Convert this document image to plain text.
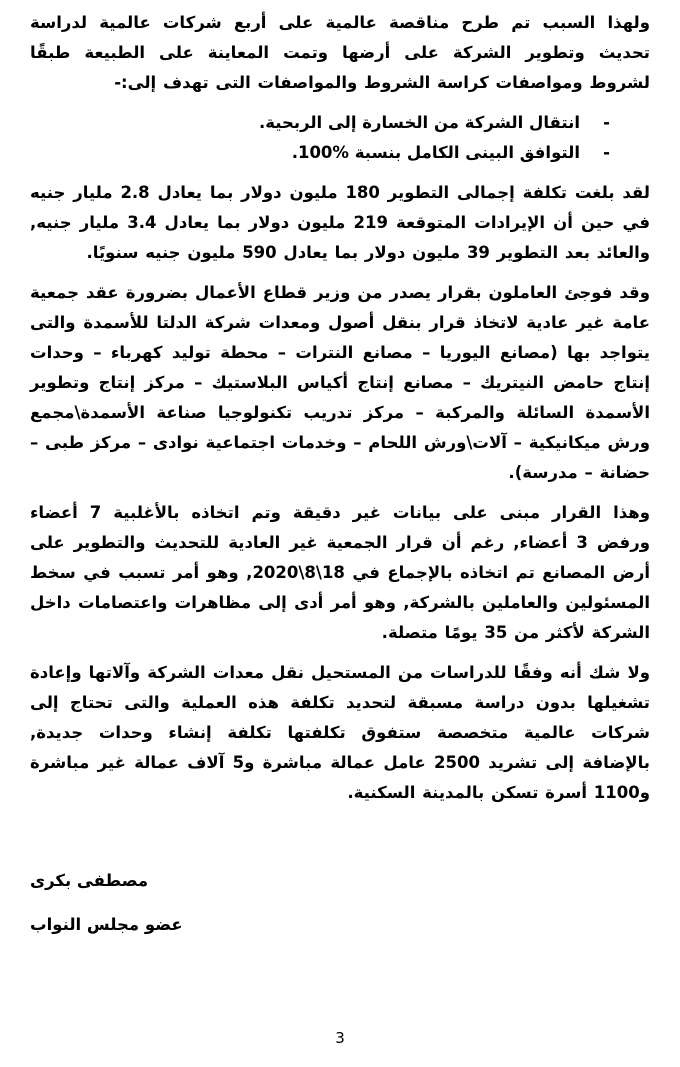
ولهذا السبب تم طرح مناقصة عالمية على أربع شركات عالمية لدراسة تحديث وتطوير الشركة على أرضها وتمت المعاينة على الطبيعة طبقًا لشروط ومواصفات كراسة الشروط والمواصفات التى تهدف إلى:-

-
انتقال الشركة من الخسارة إلى الربحية.
-
التوافق البينى الكامل بنسبة %100.

لقد بلغت تكلفة إجمالى التطوير 180 مليون دولار بما يعادل 2.8 مليار جنيه في حين أن الإيرادات المتوقعة 219 مليون دولار بما يعادل 3.4 مليار جنيه, والعائد بعد التطوير 39 مليون دولار بما يعادل 590 مليون جنيه سنويًا.

وقد فوجئ العاملون بقرار يصدر من وزير قطاع الأعمال بضرورة عقد جمعية عامة غير عادية لاتخاذ قرار بنقل أصول ومعدات شركة الدلتا للأسمدة والتى يتواجد بها (مصانع اليوريا – مصانع النترات – محطة توليد كهرباء – وحدات إنتاج حامض النيتريك – مصانع إنتاج أكياس البلاستيك – مركز إنتاج وتطوير الأسمدة السائلة والمركبة – مركز تدريب تكنولوجيا صناعة الأسمدة\مجمع ورش ميكانيكية – آلات\ورش اللحام – وخدمات اجتماعية نوادى – مركز طبى – حضانة – مدرسة).

وهذا القرار مبنى على بيانات غير دقيقة وتم اتخاذه بالأغلبية 7 أعضاء ورفض 3 أعضاء, رغم أن قرار الجمعية غير العادية للتحديث والتطوير على أرض المصانع تم اتخاذه بالإجماع في 18\8\2020, وهو أمر تسبب في سخط المسئولين والعاملين بالشركة, وهو أمر أدى إلى مظاهرات واعتصامات داخل الشركة لأكثر من 35 يومًا متصلة.

ولا شك أنه وفقًا للدراسات من المستحيل نقل معدات الشركة وآلاتها وإعادة تشغيلها بدون دراسة مسبقة لتحديد تكلفة هذه العملية والتى تحتاج إلى شركات عالمية متخصصة ستفوق تكلفتها تكلفة إنشاء وحدات جديدة, بالإضافة إلى تشريد 2500 عامل عمالة مباشرة و5 آلاف عمالة غير مباشرة و1100 أسرة تسكن بالمدينة السكنية.

مصطفى بكرى

عضو مجلس النواب

3
